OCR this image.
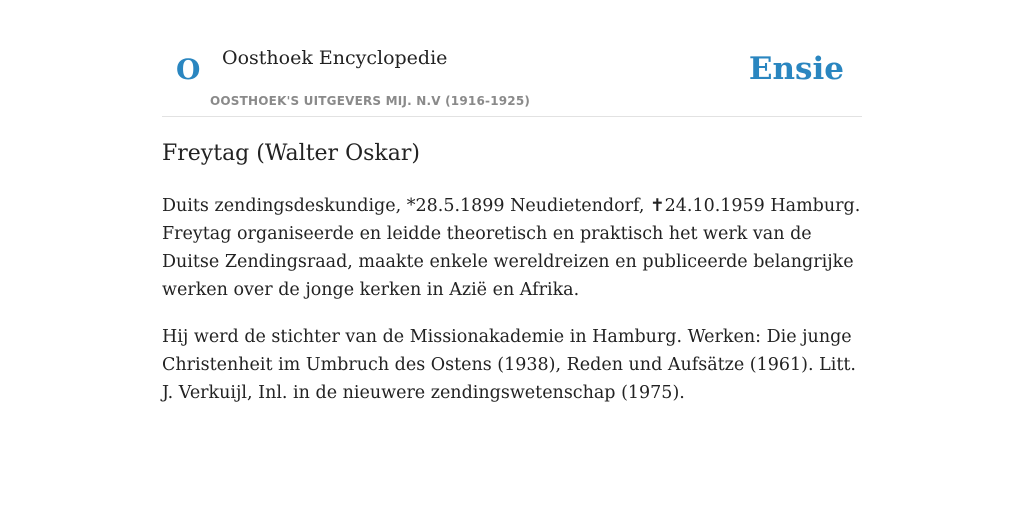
O Oosthoek Encyclopedie
OOSTHOEK'S UITGEVERS MIJ. N.V (1916-1925)
Ensie
Freytag (Walter Oskar)

Duits zendingsdeskundige, *28.5.1899 Neudietendorf, ✝24.10.1959 Hamburg. Freytag organiseerde en leidde theoretisch en praktisch het werk van de Duitse Zendingsraad, maakte enkele wereldreizen en publiceerde belangrijke werken over de jonge kerken in Azië en Afrika.

Hij werd de stichter van de Missionakademie in Hamburg. Werken: Die junge Christenheit im Umbruch des Ostens (1938), Reden und Aufsätze (1961). Litt. J. Verkuijl, Inl. in de nieuwere zendingswetenschap (1975).
